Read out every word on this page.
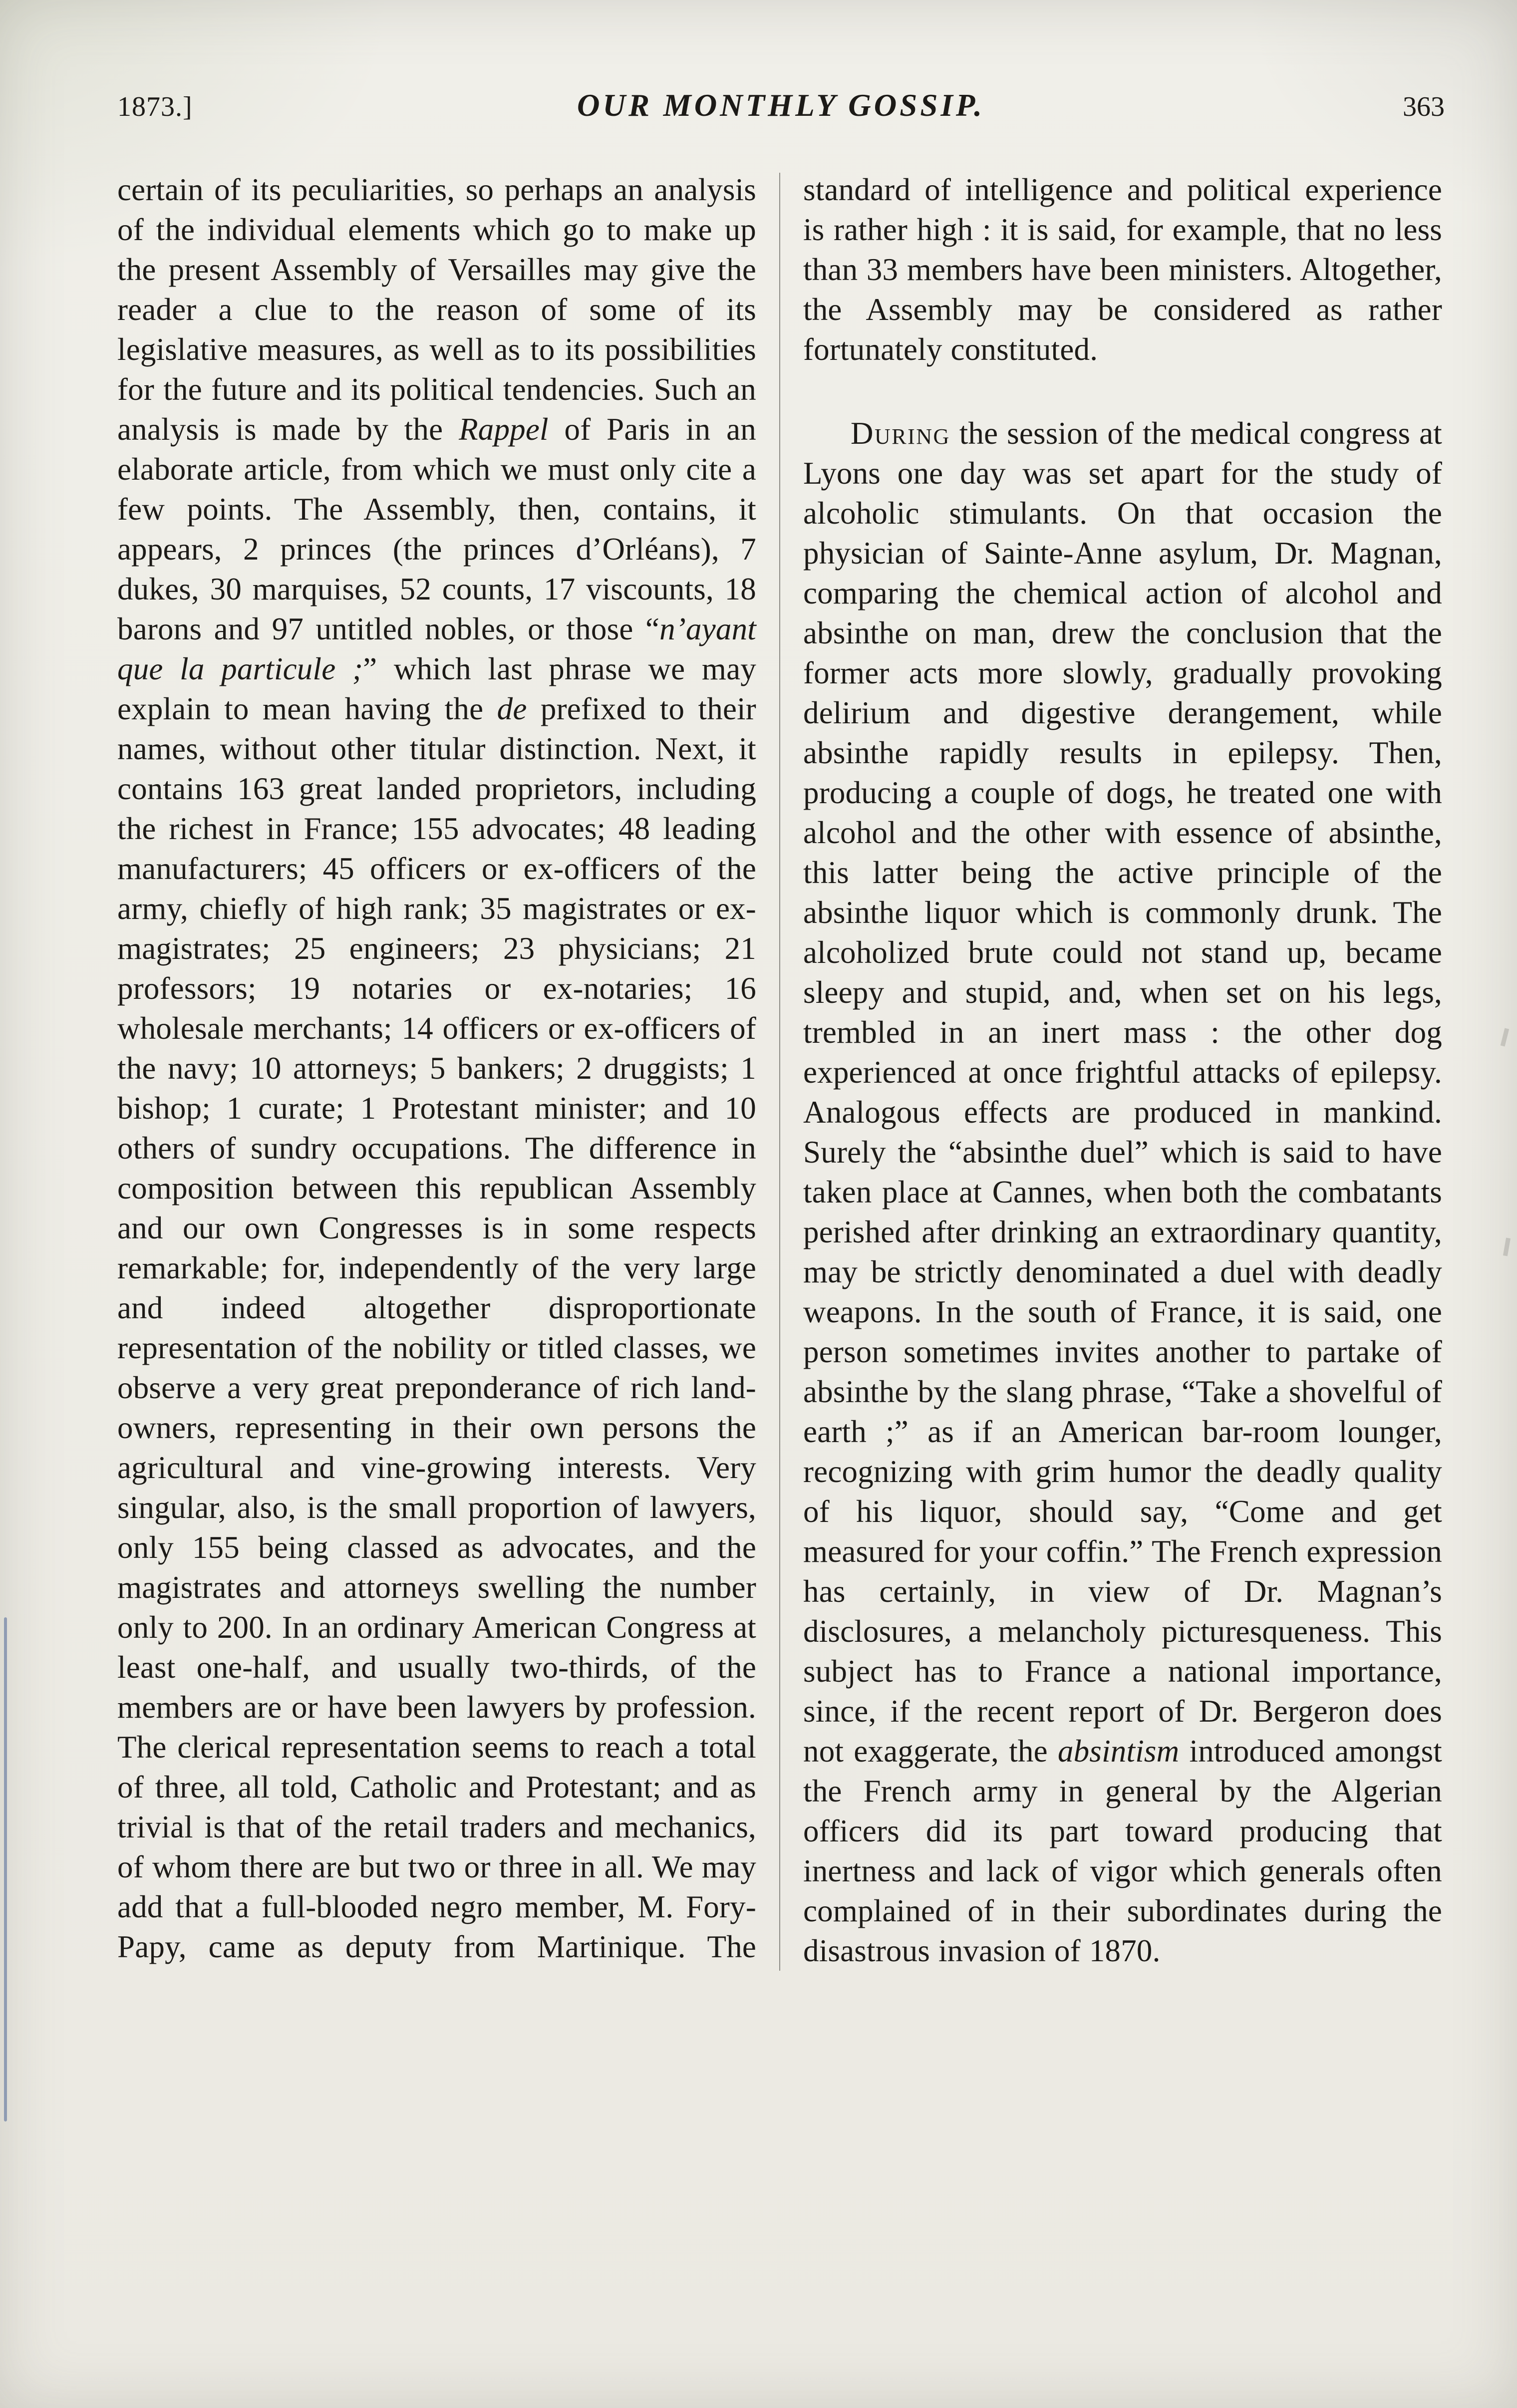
1873.]	OUR MONTHLY GOSSIP.	363

certain of its peculiarities, so perhaps an analysis of the individual elements which go to make up the present Assembly of Versailles may give the reader a clue to the reason of some of its legislative measures, as well as to its possibilities for the future and its political tendencies. Such an analysis is made by the Rappel of Paris in an elaborate article, from which we must only cite a few points. The Assembly, then, contains, it appears, 2 princes (the princes d’Orléans), 7 dukes, 30 marquises, 52 counts, 17 viscounts, 18 barons and 97 untitled nobles, or those “n’ayant que la particule ;” which last phrase we may explain to mean having the de prefixed to their names, without other titular distinction. Next, it contains 163 great landed proprietors, including the richest in France; 155 advocates; 48 leading manufacturers; 45 officers or ex-officers of the army, chiefly of high rank; 35 magistrates or ex-magistrates; 25 engineers; 23 physicians; 21 professors; 19 notaries or ex-notaries; 16 wholesale merchants; 14 officers or ex-officers of the navy; 10 attorneys; 5 bankers; 2 druggists; 1 bishop; 1 curate; 1 Protestant minister; and 10 others of sundry occupations. The difference in composition between this republican Assembly and our own Congresses is in some respects remarkable; for, independently of the very large and indeed altogether disproportionate representation of the nobility or titled classes, we observe a very great preponderance of rich land-owners, representing in their own persons the agricultural and vine-growing interests. Very singular, also, is the small proportion of lawyers, only 155 being classed as advocates, and the magistrates and attorneys swelling the number only to 200. In an ordinary American Congress at least one-half, and usually two-thirds, of the members are or have been lawyers by profession. The clerical representation seems to reach a total of three, all told, Catholic and Protestant; and as trivial is that of the retail traders and mechanics, of whom there are but two or three in all. We may add that a full-blooded negro member, M. Fory-Papy, came as deputy from Martinique. The

standard of intelligence and political experience is rather high : it is said, for example, that no less than 33 members have been ministers. Altogether, the Assembly may be considered as rather fortunately constituted.

During the session of the medical congress at Lyons one day was set apart for the study of alcoholic stimulants. On that occasion the physician of Sainte-Anne asylum, Dr. Magnan, comparing the chemical action of alcohol and absinthe on man, drew the conclusion that the former acts more slowly, gradually provoking delirium and digestive derangement, while absinthe rapidly results in epilepsy. Then, producing a couple of dogs, he treated one with alcohol and the other with essence of absinthe, this latter being the active principle of the absinthe liquor which is commonly drunk. The alcoholized brute could not stand up, became sleepy and stupid, and, when set on his legs, trembled in an inert mass : the other dog experienced at once frightful attacks of epilepsy. Analogous effects are produced in mankind. Surely the “absinthe duel” which is said to have taken place at Cannes, when both the combatants perished after drinking an extraordinary quantity, may be strictly denominated a duel with deadly weapons. In the south of France, it is said, one person sometimes invites another to partake of absinthe by the slang phrase, “Take a shovelful of earth ;” as if an American bar-room lounger, recognizing with grim humor the deadly quality of his liquor, should say, “Come and get measured for your coffin.” The French expression has certainly, in view of Dr. Magnan’s disclosures, a melancholy picturesqueness. This subject has to France a national importance, since, if the recent report of Dr. Bergeron does not exaggerate, the absintism introduced amongst the French army in general by the Algerian officers did its part toward producing that inertness and lack of vigor which generals often complained of in their subordinates during the disastrous invasion of 1870.
